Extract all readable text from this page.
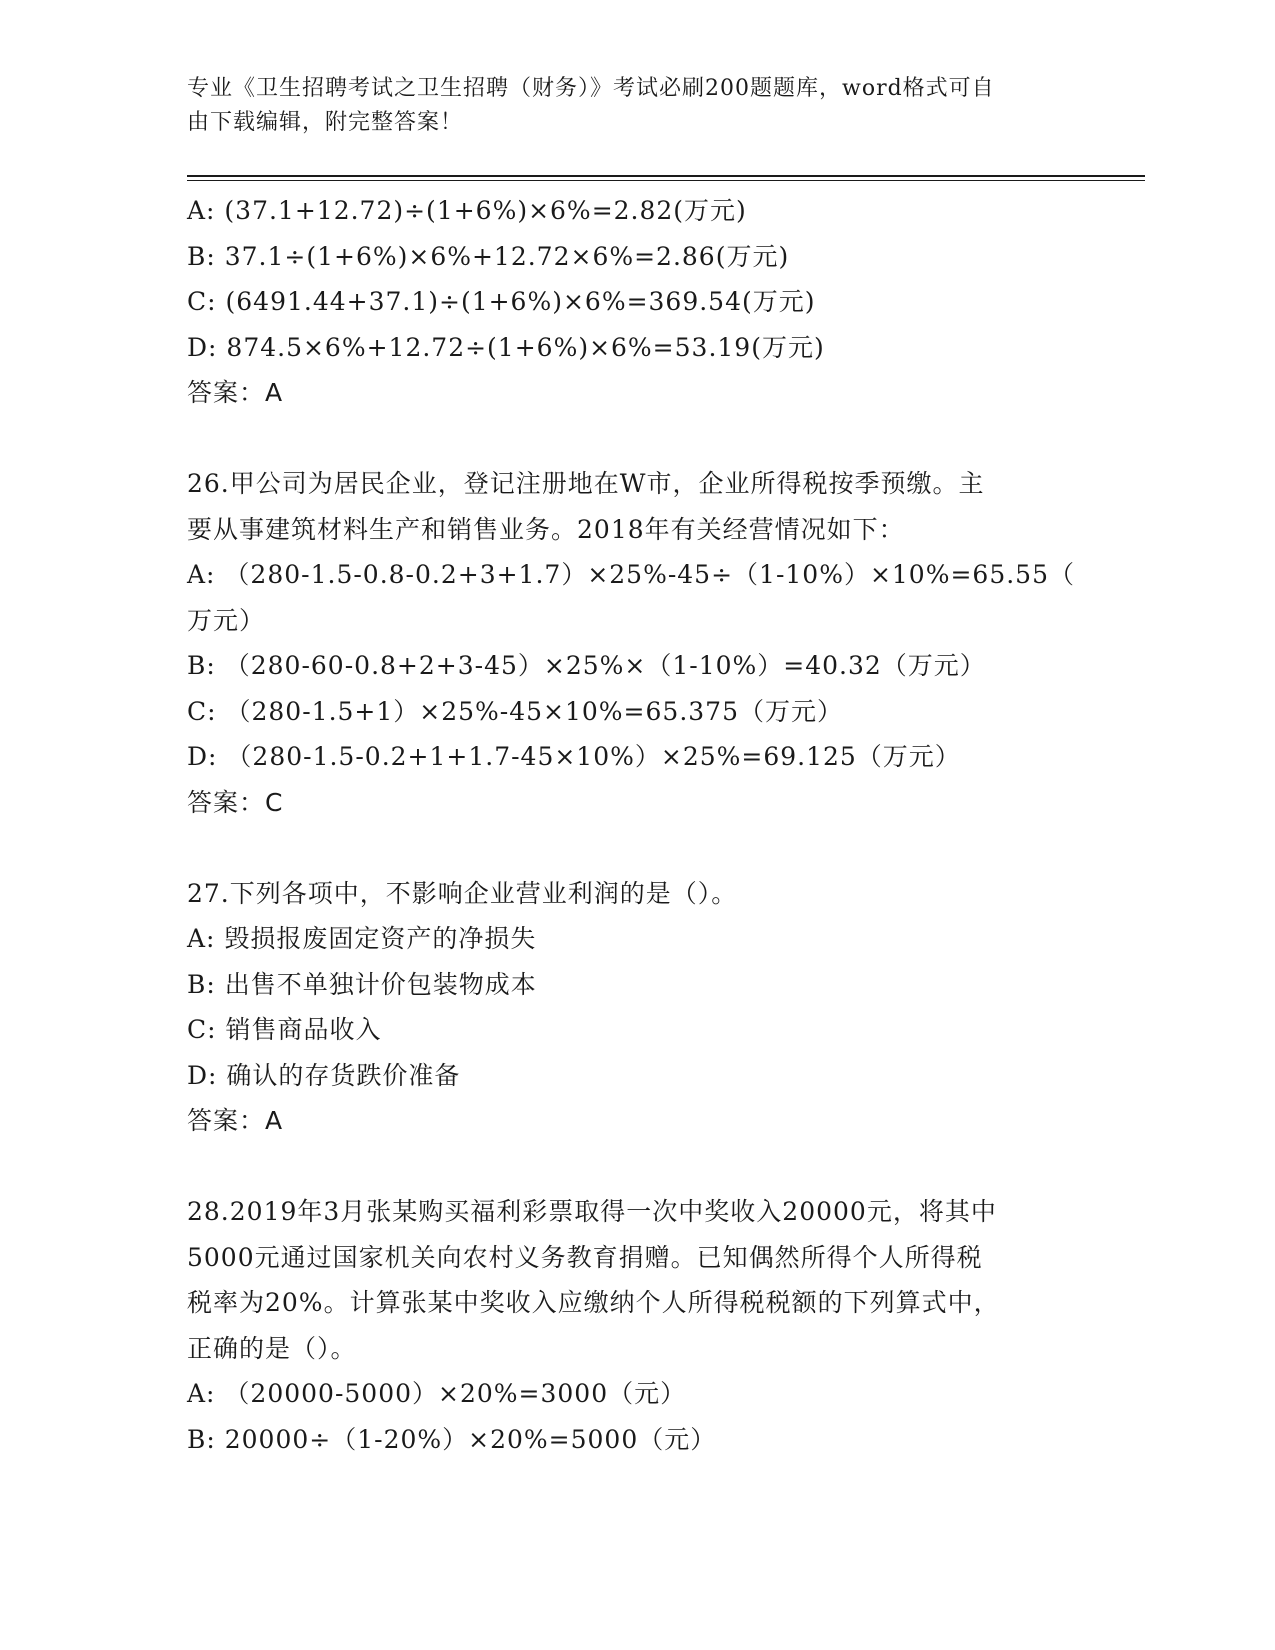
专业《卫生招聘考试之卫生招聘（财务）》考试必刷200题题库，word格式可自
由下载编辑，附完整答案！
A: (37.1+12.72)÷(1+6%)×6%=2.82(万元)
B: 37.1÷(1+6%)×6%+12.72×6%=2.86(万元)
C: (6491.44+37.1)÷(1+6%)×6%=369.54(万元)
D: 874.5×6%+12.72÷(1+6%)×6%=53.19(万元)
答案：A
26.甲公司为居民企业，登记注册地在W市，企业所得税按季预缴。主
要从事建筑材料生产和销售业务。2018年有关经营情况如下：
A: （280-1.5-0.8-0.2+3+1.7）×25%-45÷（1-10%）×10%=65.55（
万元）
B: （280-60-0.8+2+3-45）×25%×（1-10%）=40.32（万元）
C: （280-1.5+1）×25%-45×10%=65.375（万元）
D: （280-1.5-0.2+1+1.7-45×10%）×25%=69.125（万元）
答案：C
27.下列各项中，不影响企业营业利润的是（）。
A: 毁损报废固定资产的净损失
B: 出售不单独计价包装物成本
C: 销售商品收入
D: 确认的存货跌价准备
答案：A
28.2019年3月张某购买福利彩票取得一次中奖收入20000元，将其中
5000元通过国家机关向农村义务教育捐赠。已知偶然所得个人所得税
税率为20%。计算张某中奖收入应缴纳个人所得税税额的下列算式中，
正确的是（）。
A: （20000-5000）×20%=3000（元）
B: 20000÷（1-20%）×20%=5000（元）
